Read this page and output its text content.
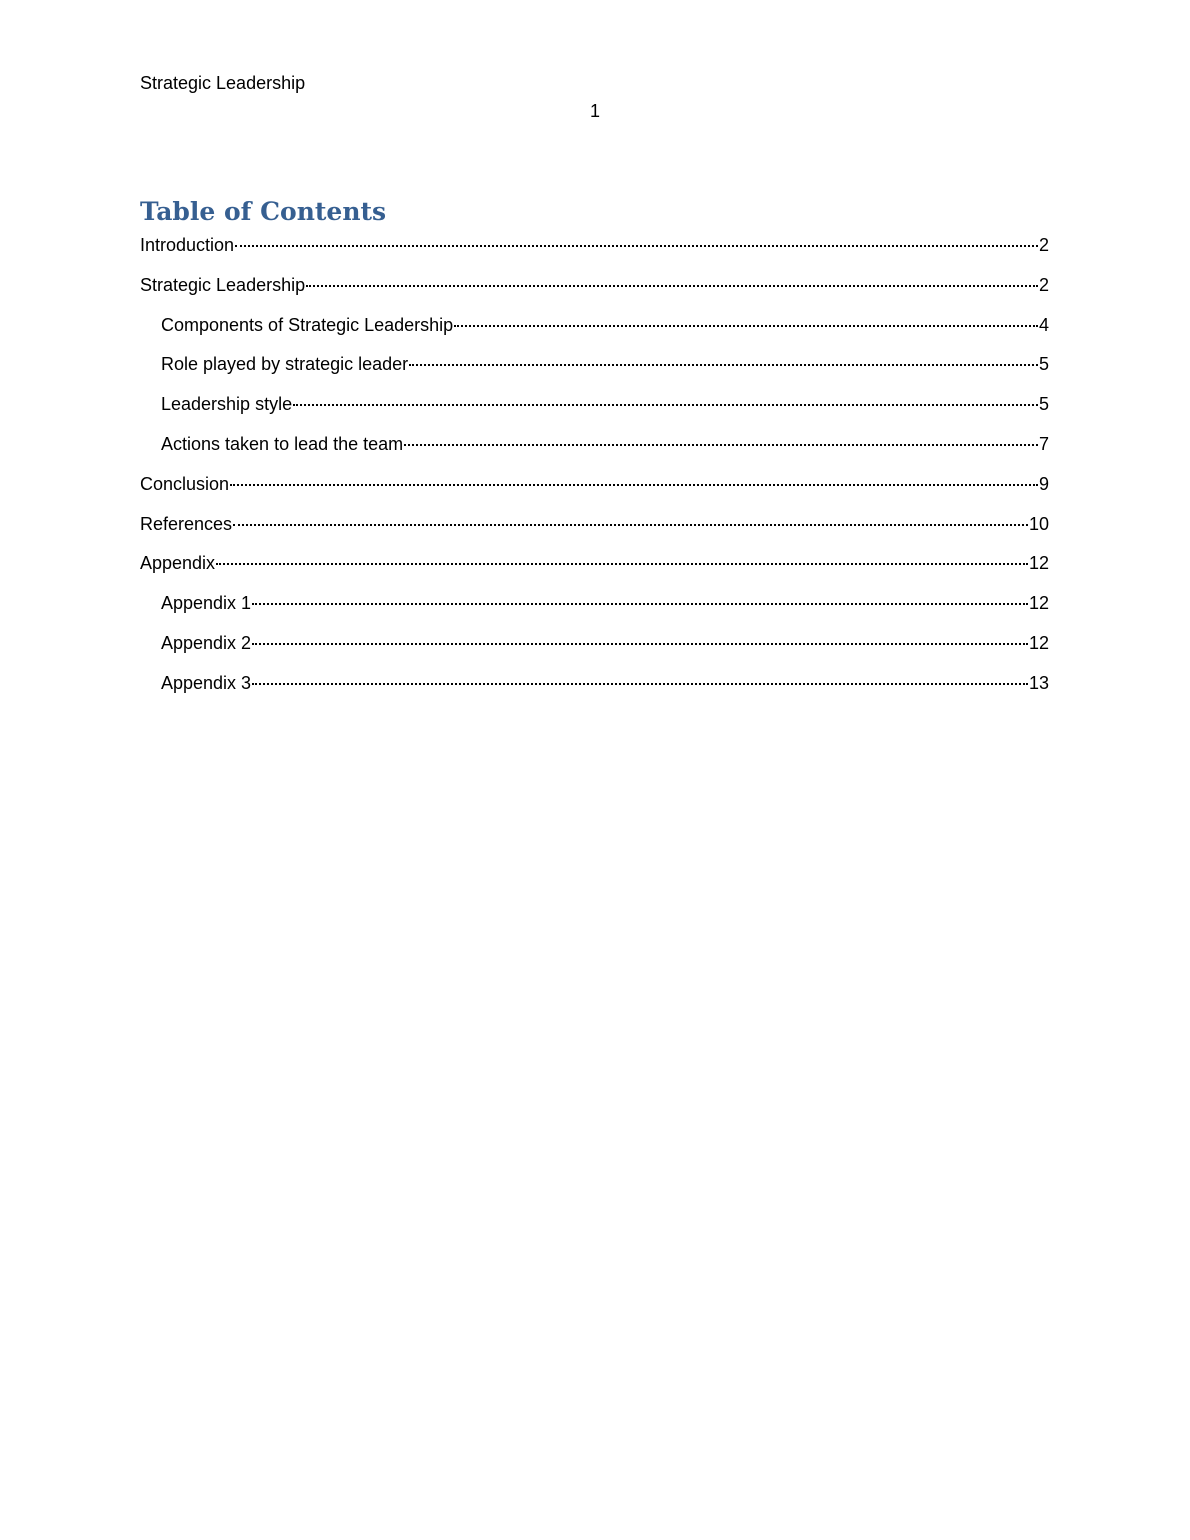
Strategic Leadership
1
Table of Contents
Introduction	2
Strategic Leadership	2
Components of Strategic Leadership	4
Role played by strategic leader	5
Leadership style	5
Actions taken to lead the team	7
Conclusion	9
References	10
Appendix	12
Appendix 1	12
Appendix 2	12
Appendix 3	13
